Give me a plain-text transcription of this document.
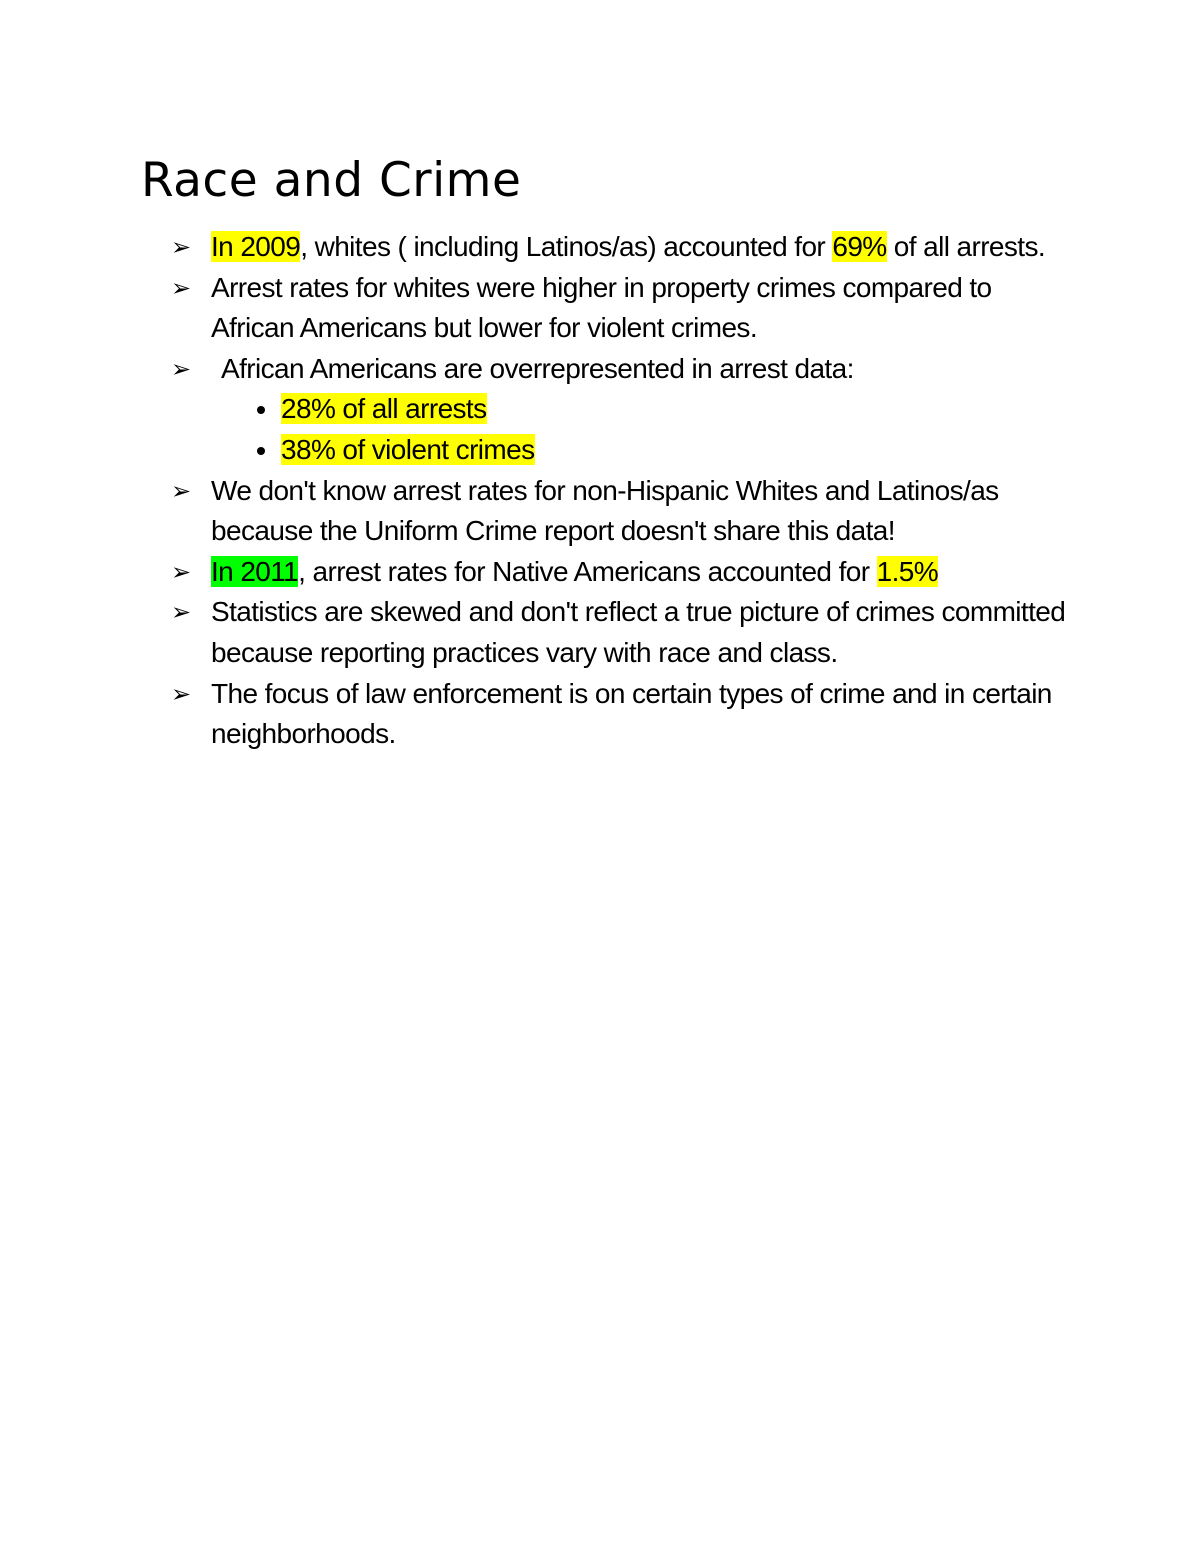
Race and Crime
➢ In 2009, whites ( including Latinos/as) accounted for 69% of all arrests.
➢ Arrest rates for whites were higher in property crimes compared to African Americans but lower for violent crimes.
➢ African Americans are overrepresented in arrest data:
28% of all arrests
38% of violent crimes
➢ We don't know arrest rates for non-Hispanic Whites and Latinos/as because the Uniform Crime report doesn't share this data!
➢ In 2011, arrest rates for Native Americans accounted for 1.5%
➢ Statistics are skewed and don't reflect a true picture of crimes committed because reporting practices vary with race and class.
➢ The focus of law enforcement is on certain types of crime and in certain neighborhoods.
